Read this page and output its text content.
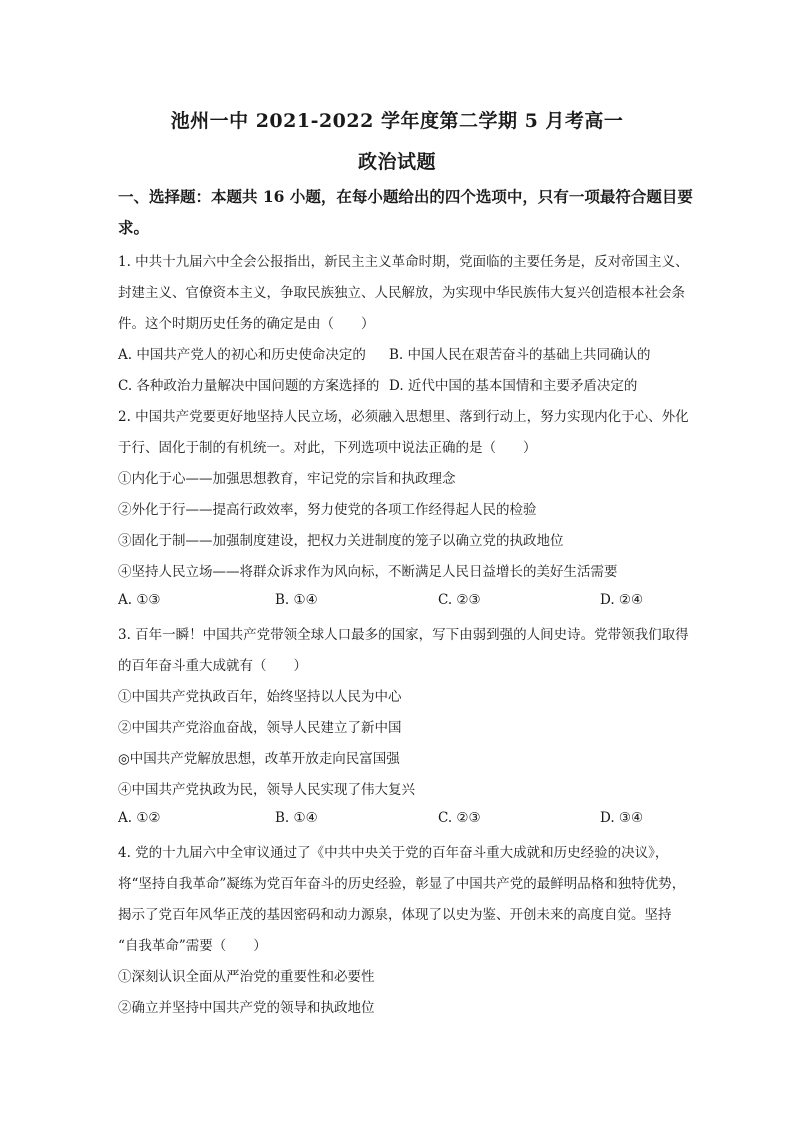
池州一中 2021-2022 学年度第二学期 5 月考高一
政治试题
一、选择题：本题共 16 小题，在每小题给出的四个选项中，只有一项最符合题目要
求。
1. 中共十九届六中全会公报指出，新民主主义革命时期，党面临的主要任务是，反对帝国主义、
封建主义、官僚资本主义，争取民族独立、人民解放，为实现中华民族伟大复兴创造根本社会条
件。这个时期历史任务的确定是由（　　）
A. 中国共产党人的初心和历史使命决定的 B. 中国人民在艰苦奋斗的基础上共同确认的
C. 各种政治力量解决中国问题的方案选择的 D. 近代中国的基本国情和主要矛盾决定的
2. 中国共产党要更好地坚持人民立场，必须融入思想里、落到行动上，努力实现内化于心、外化
于行、固化于制的有机统一。对此，下列选项中说法正确的是（　　）
①内化于心——加强思想教育，牢记党的宗旨和执政理念
②外化于行——提高行政效率，努力使党的各项工作经得起人民的检验
③固化于制——加强制度建设，把权力关进制度的笼子以确立党的执政地位
④坚持人民立场——将群众诉求作为风向标，不断满足人民日益增长的美好生活需要
A. ①③	B. ①④	C. ②③	D. ②④
3. 百年一瞬！中国共产党带领全球人口最多的国家，写下由弱到强的人间史诗。党带领我们取得
的百年奋斗重大成就有（　　）
①中国共产党执政百年，始终坚持以人民为中心
②中国共产党浴血奋战，领导人民建立了新中国
◎中国共产党解放思想，改革开放走向民富国强
④中国共产党执政为民，领导人民实现了伟大复兴
A. ①②	B. ①④	C. ②③	D. ③④
4. 党的十九届六中全审议通过了《中共中央关于党的百年奋斗重大成就和历史经验的决议》，
将“坚持自我革命”凝练为党百年奋斗的历史经验，彰显了中国共产党的最鲜明品格和独特优势，
揭示了党百年风华正茂的基因密码和动力源泉，体现了以史为鉴、开创未来的高度自觉。坚持
“自我革命”需要（　　）
①深刻认识全面从严治党的重要性和必要性
②确立并坚持中国共产党的领导和执政地位
